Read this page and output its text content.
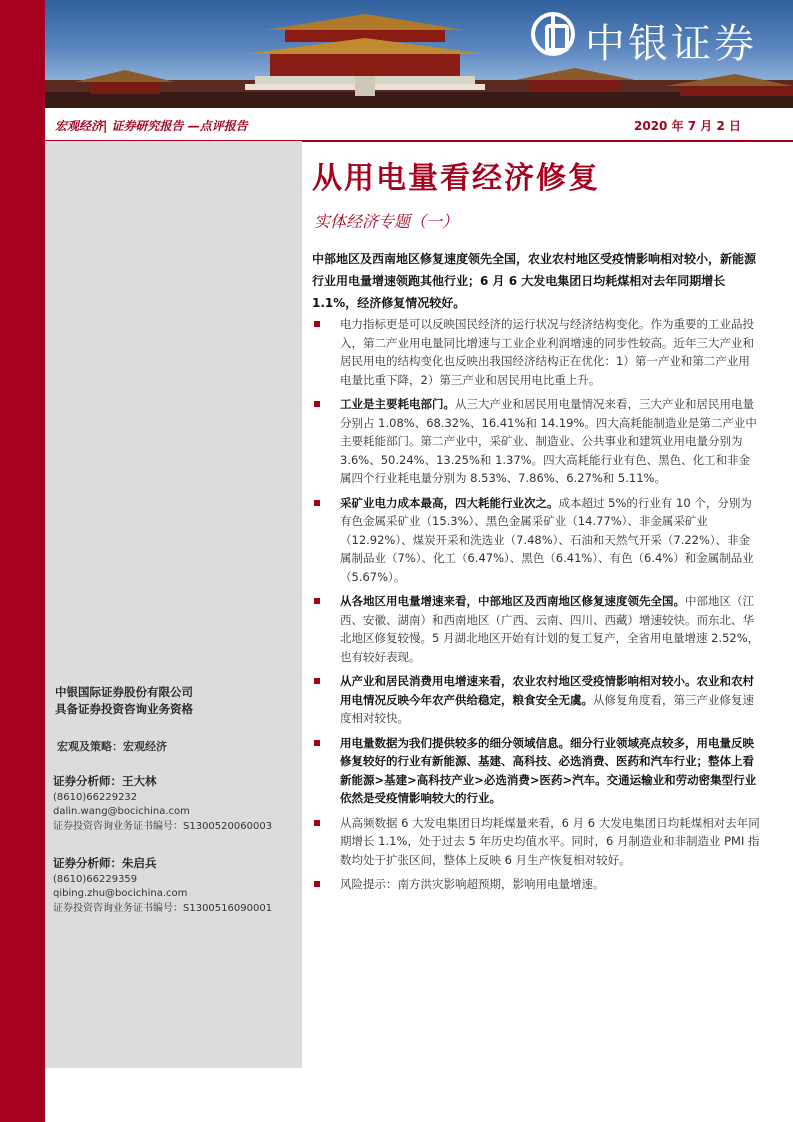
中银证券
宏观经济| 证券研究报告 —点评报告	2020 年 7 月 2 日
中银国际证券股份有限公司
具备证券投资咨询业务资格
宏观及策略：宏观经济
证券分析师：王大林
(8610)66229232
dalin.wang@bocichina.com
证券投资咨询业务证书编号：S1300520060003
证券分析师：朱启兵
(8610)66229359
qibing.zhu@bocichina.com
证券投资咨询业务证书编号：S1300516090001
从用电量看经济修复
实体经济专题（一）
中部地区及西南地区修复速度领先全国，农业农村地区受疫情影响相对较小，新能源行业用电量增速领跑其他行业；6 月 6 大发电集团日均耗煤相对去年同期增长 1.1%，经济修复情况较好。
电力指标更是可以反映国民经济的运行状况与经济结构变化。作为重要的工业品投入，第二产业用电量同比增速与工业企业利润增速的同步性较高。近年三大产业和居民用电的结构变化也反映出我国经济结构正在优化：1）第一产业和第二产业用电量比重下降，2）第三产业和居民用电比重上升。
工业是主要耗电部门。从三大产业和居民用电量情况来看，三大产业和居民用电量分别占 1.08%、68.32%、16.41%和 14.19%。四大高耗能制造业是第二产业中主要耗能部门。第二产业中，采矿业、制造业、公共事业和建筑业用电量分别为 3.6%、50.24%、13.25%和 1.37%。四大高耗能行业有色、黑色、化工和非金属四个行业耗电量分别为 8.53%、7.86%、6.27%和 5.11%。
采矿业电力成本最高，四大耗能行业次之。成本超过 5%的行业有 10 个，分别为有色金属采矿业（15.3%）、黑色金属采矿业（14.77%）、非金属采矿业（12.92%）、煤炭开采和洗选业（7.48%）、石油和天然气开采（7.22%）、非金属制品业（7%）、化工（6.47%）、黑色（6.41%）、有色（6.4%）和金属制品业（5.67%）。
从各地区用电量增速来看，中部地区及西南地区修复速度领先全国。中部地区（江西、安徽、湖南）和西南地区（广西、云南、四川、西藏）增速较快。而东北、华北地区修复较慢。5 月湖北地区开始有计划的复工复产，全省用电量增速 2.52%，也有较好表现。
从产业和居民消费用电增速来看，农业农村地区受疫情影响相对较小。农业和农村用电情况反映今年农产供给稳定，粮食安全无虞。从修复角度看，第三产业修复速度相对较快。
用电量数据为我们提供较多的细分领域信息。细分行业领域亮点较多，用电量反映修复较好的行业有新能源、基建、高科技、必选消费、医药和汽车行业；整体上看新能源>基建>高科技产业>必选消费>医药>汽车。交通运输业和劳动密集型行业依然是受疫情影响较大的行业。
从高频数据 6 大发电集团日均耗煤量来看，6 月 6 大发电集团日均耗煤相对去年同期增长 1.1%，处于过去 5 年历史均值水平。同时，6 月制造业和非制造业 PMI 指数均处于扩张区间，整体上反映 6 月生产恢复相对较好。
风险提示：南方洪灾影响超预期，影响用电量增速。
